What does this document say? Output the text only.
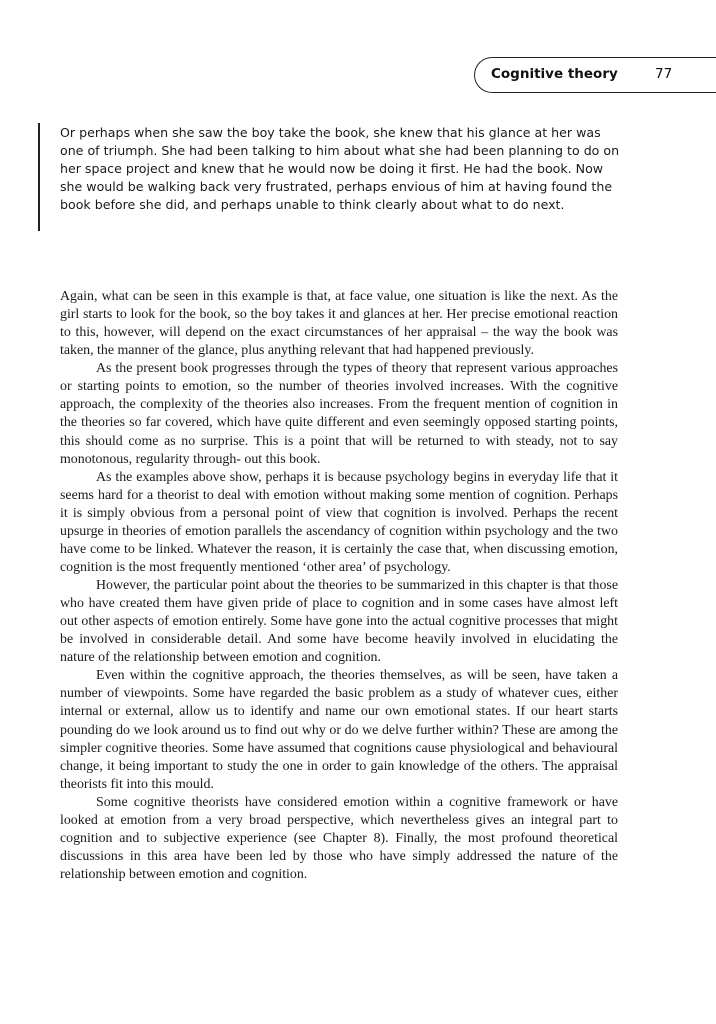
Cognitive theory	77

Or perhaps when she saw the boy take the book, she knew that his glance at her was one of triumph. She had been talking to him about what she had been planning to do on her space project and knew that he would now be doing it first. He had the book. Now she would be walking back very frustrated, perhaps envious of him at having found the book before she did, and perhaps unable to think clearly about what to do next.

Again, what can be seen in this example is that, at face value, one situation is like the next. As the girl starts to look for the book, so the boy takes it and glances at her. Her precise emotional reaction to this, however, will depend on the exact circumstances of her appraisal – the way the book was taken, the manner of the glance, plus anything relevant that had happened previously.

As the present book progresses through the types of theory that represent various approaches or starting points to emotion, so the number of theories involved increases. With the cognitive approach, the complexity of the theories also increases. From the frequent mention of cognition in the theories so far covered, which have quite different and even seemingly opposed starting points, this should come as no surprise. This is a point that will be returned to with steady, not to say monotonous, regularity through- out this book.

As the examples above show, perhaps it is because psychology begins in everyday life that it seems hard for a theorist to deal with emotion without making some mention of cognition. Perhaps it is simply obvious from a personal point of view that cognition is involved. Perhaps the recent upsurge in theories of emotion parallels the ascendancy of cognition within psychology and the two have come to be linked. Whatever the reason, it is certainly the case that, when discussing emotion, cognition is the most frequently mentioned ‘other area’ of psychology.

However, the particular point about the theories to be summarized in this chapter is that those who have created them have given pride of place to cognition and in some cases have almost left out other aspects of emotion entirely. Some have gone into the actual cognitive processes that might be involved in considerable detail. And some have become heavily involved in elucidating the nature of the relationship between emotion and cognition.

Even within the cognitive approach, the theories themselves, as will be seen, have taken a number of viewpoints. Some have regarded the basic problem as a study of whatever cues, either internal or external, allow us to identify and name our own emotional states. If our heart starts pounding do we look around us to find out why or do we delve further within? These are among the simpler cognitive theories. Some have assumed that cognitions cause physiological and behavioural change, it being important to study the one in order to gain knowledge of the others. The appraisal theorists fit into this mould.

Some cognitive theorists have considered emotion within a cognitive framework or have looked at emotion from a very broad perspective, which nevertheless gives an integral part to cognition and to subjective experience (see Chapter 8). Finally, the most profound theoretical discussions in this area have been led by those who have simply addressed the nature of the relationship between emotion and cognition.
